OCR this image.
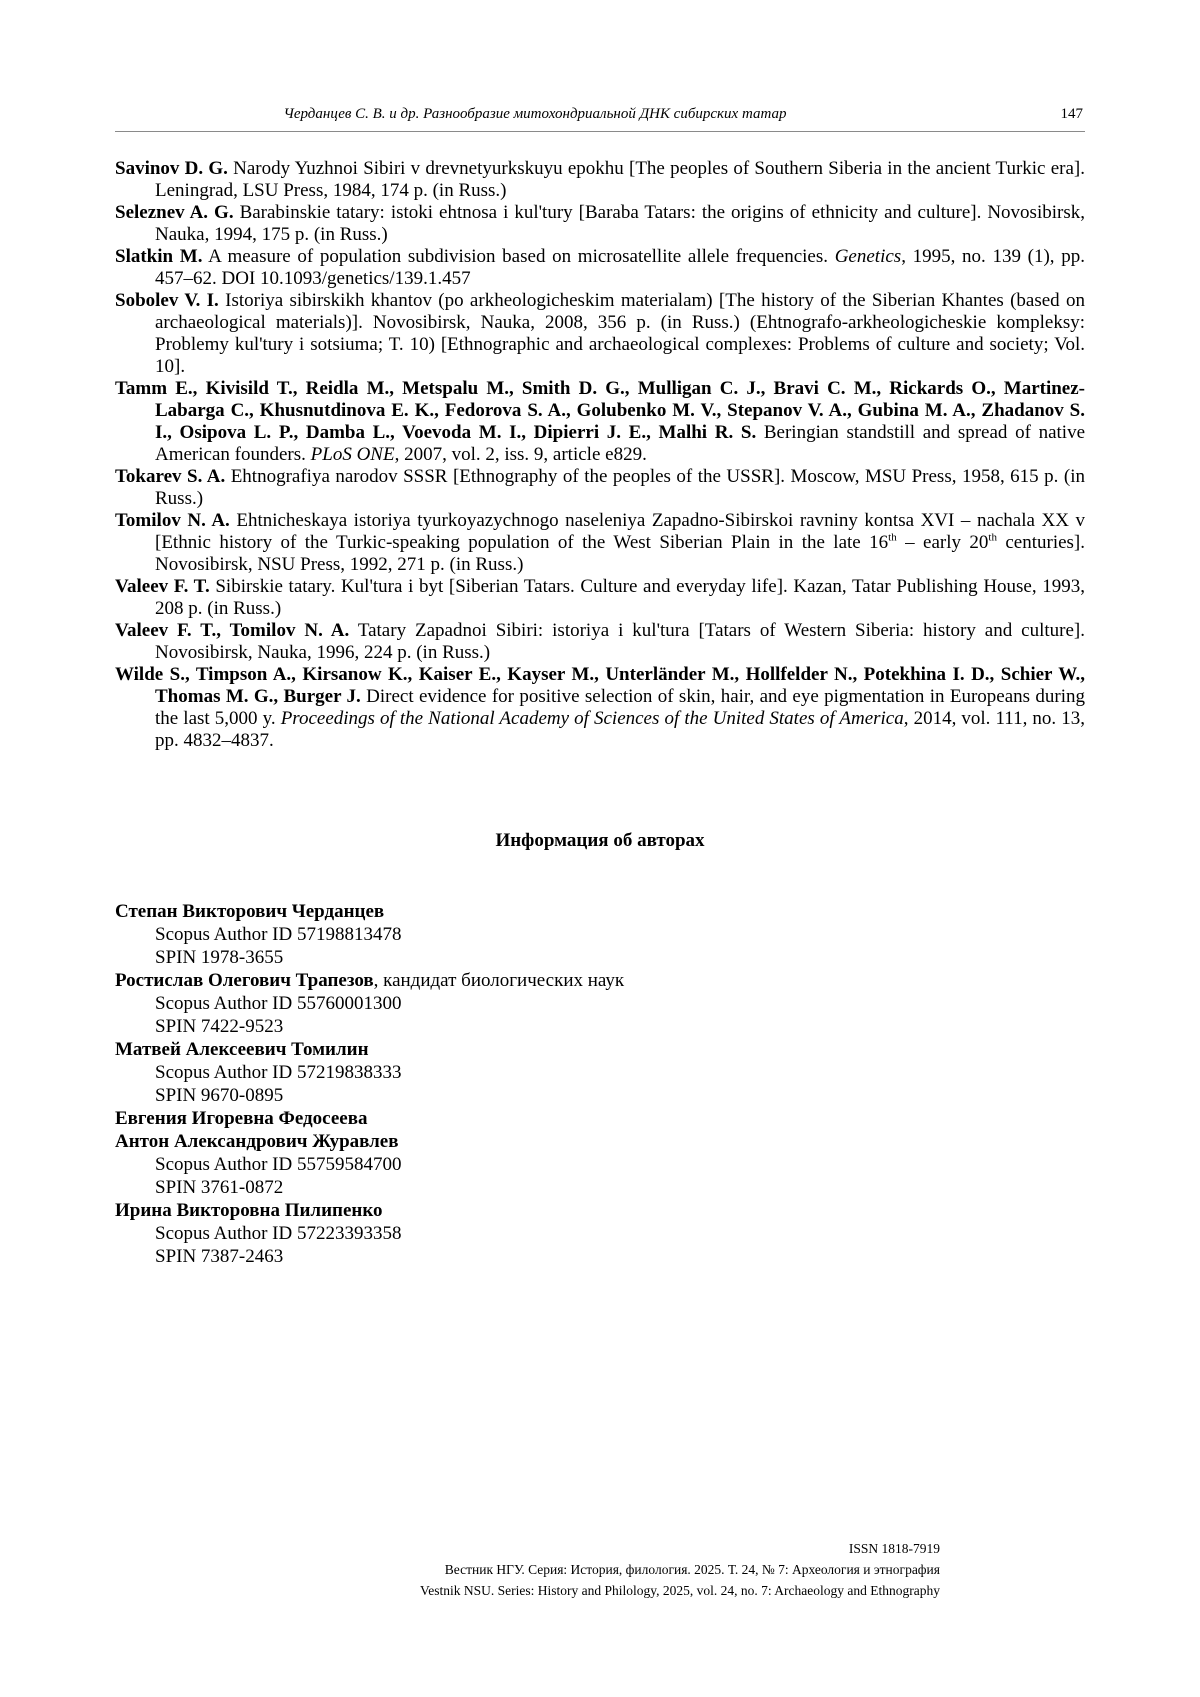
Черданцев С. В. и др. Разнообразие митохондриальной ДНК сибирских татар	147

Savinov D. G. Narody Yuzhnoi Sibiri v drevnetyurkskuyu epokhu [The peoples of Southern Siberia in the ancient Turkic era]. Leningrad, LSU Press, 1984, 174 p. (in Russ.)

Seleznev A. G. Barabinskie tatary: istoki ehtnosa i kul'tury [Baraba Tatars: the origins of ethnicity and culture]. Novosibirsk, Nauka, 1994, 175 p. (in Russ.)

Slatkin M. A measure of population subdivision based on microsatellite allele frequencies. Genetics, 1995, no. 139 (1), pp. 457–62. DOI 10.1093/genetics/139.1.457

Sobolev V. I. Istoriya sibirskikh khantov (po arkheologicheskim materialam) [The history of the Siberian Khantes (based on archaeological materials)]. Novosibirsk, Nauka, 2008, 356 p. (in Russ.) (Ehtnografo-arkheologicheskie kompleksy: Problemy kul'tury i sotsiuma; T. 10) [Ethnographic and archaeological complexes: Problems of culture and society; Vol. 10].

Tamm E., Kivisild T., Reidla M., Metspalu M., Smith D. G., Mulligan C. J., Bravi C. M., Rickards O., Martinez-Labarga C., Khusnutdinova E. K., Fedorova S. A., Golubenko M. V., Stepanov V. A., Gubina M. A., Zhadanov S. I., Osipova L. P., Damba L., Voevoda M. I., Dipierri J. E., Malhi R. S. Beringian standstill and spread of native American founders. PLoS ONE, 2007, vol. 2, iss. 9, article e829.

Tokarev S. A. Ehtnografiya narodov SSSR [Ethnography of the peoples of the USSR]. Moscow, MSU Press, 1958, 615 p. (in Russ.)

Tomilov N. A. Ehtnicheskaya istoriya tyurkoyazychnogo naseleniya Zapadno-Sibirskoi ravniny kontsa XVI – nachala XX v [Ethnic history of the Turkic-speaking population of the West Siberian Plain in the late 16th – early 20th centuries]. Novosibirsk, NSU Press, 1992, 271 p. (in Russ.)

Valeev F. T. Sibirskie tatary. Kul'tura i byt [Siberian Tatars. Culture and everyday life]. Kazan, Tatar Publishing House, 1993, 208 p. (in Russ.)

Valeev F. T., Tomilov N. A. Tatary Zapadnoi Sibiri: istoriya i kul'tura [Tatars of Western Siberia: history and culture]. Novosibirsk, Nauka, 1996, 224 p. (in Russ.)

Wilde S., Timpson A., Kirsanow K., Kaiser E., Kayser M., Unterländer M., Hollfelder N., Potekhina I. D., Schier W., Thomas M. G., Burger J. Direct evidence for positive selection of skin, hair, and eye pigmentation in Europeans during the last 5,000 y. Proceedings of the National Academy of Sciences of the United States of America, 2014, vol. 111, no. 13, pp. 4832–4837.

Информация об авторах

Степан Викторович Черданцев

Scopus Author ID 57198813478

SPIN 1978-3655

Ростислав Олегович Трапезов, кандидат биологических наук

Scopus Author ID 55760001300

SPIN 7422-9523

Матвей Алексеевич Томилин

Scopus Author ID 57219838333

SPIN 9670-0895

Евгения Игоревна Федосеева

Антон Александрович Журавлев

Scopus Author ID 55759584700

SPIN 3761-0872

Ирина Викторовна Пилипенко

Scopus Author ID 57223393358

SPIN 7387-2463

ISSN 1818-7919

Вестник НГУ. Серия: История, филология. 2025. Т. 24, № 7: Археология и этнография

Vestnik NSU. Series: History and Philology, 2025, vol. 24, no. 7: Archaeology and Ethnography
